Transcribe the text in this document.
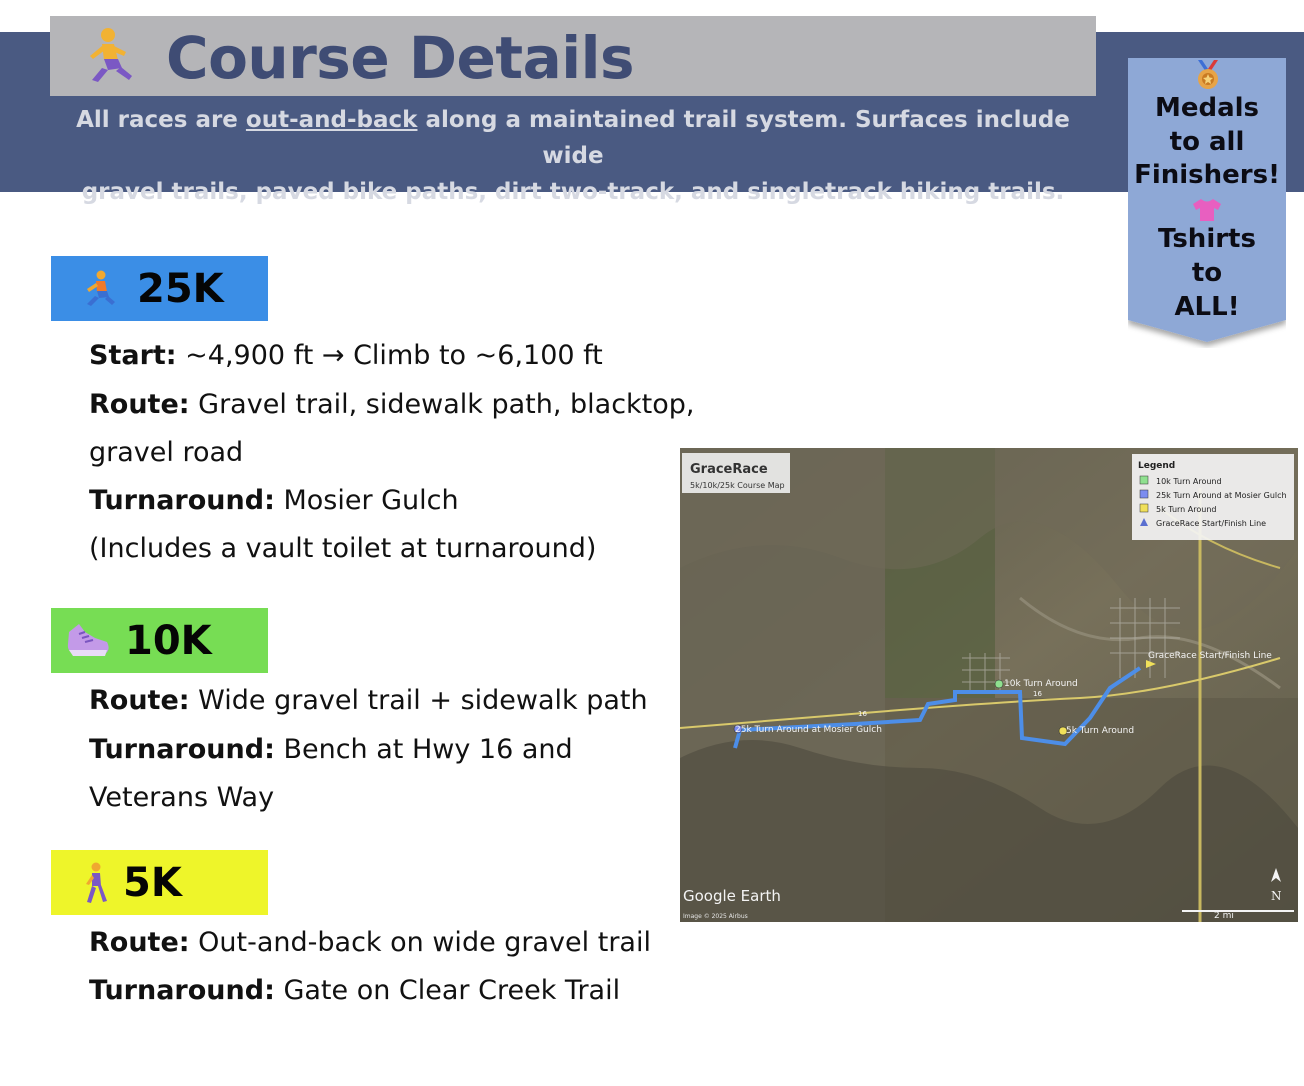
Course Details
All races are out-and-back along a maintained trail system. Surfaces include wide
gravel trails, paved bike paths, dirt two-track, and singletrack hiking trails.
Medals
to all
Finishers!
Tshirts
to
ALL!
25K
Start: ~4,900 ft → Climb to ~6,100 ft
Route: Gravel trail, sidewalk path, blacktop,
gravel road
Turnaround: Mosier Gulch
(Includes a vault toilet at turnaround)
10K
Route: Wide gravel trail + sidewalk path
Turnaround: Bench at Hwy 16 and
Veterans Way
5K
Route: Out-and-back on wide gravel trail
Turnaround: Gate on Clear Creek Trail
GraceRace
5k/10k/25k Course Map
Legend
10k Turn Around
25k Turn Around at Mosier Gulch
5k Turn Around
GraceRace Start/Finish Line
GraceRace Start/Finish Line
10k Turn Around
5k Turn Around
25k Turn Around at Mosier Gulch
16
16
Google Earth
Image © 2025 Airbus	2 mi
N
